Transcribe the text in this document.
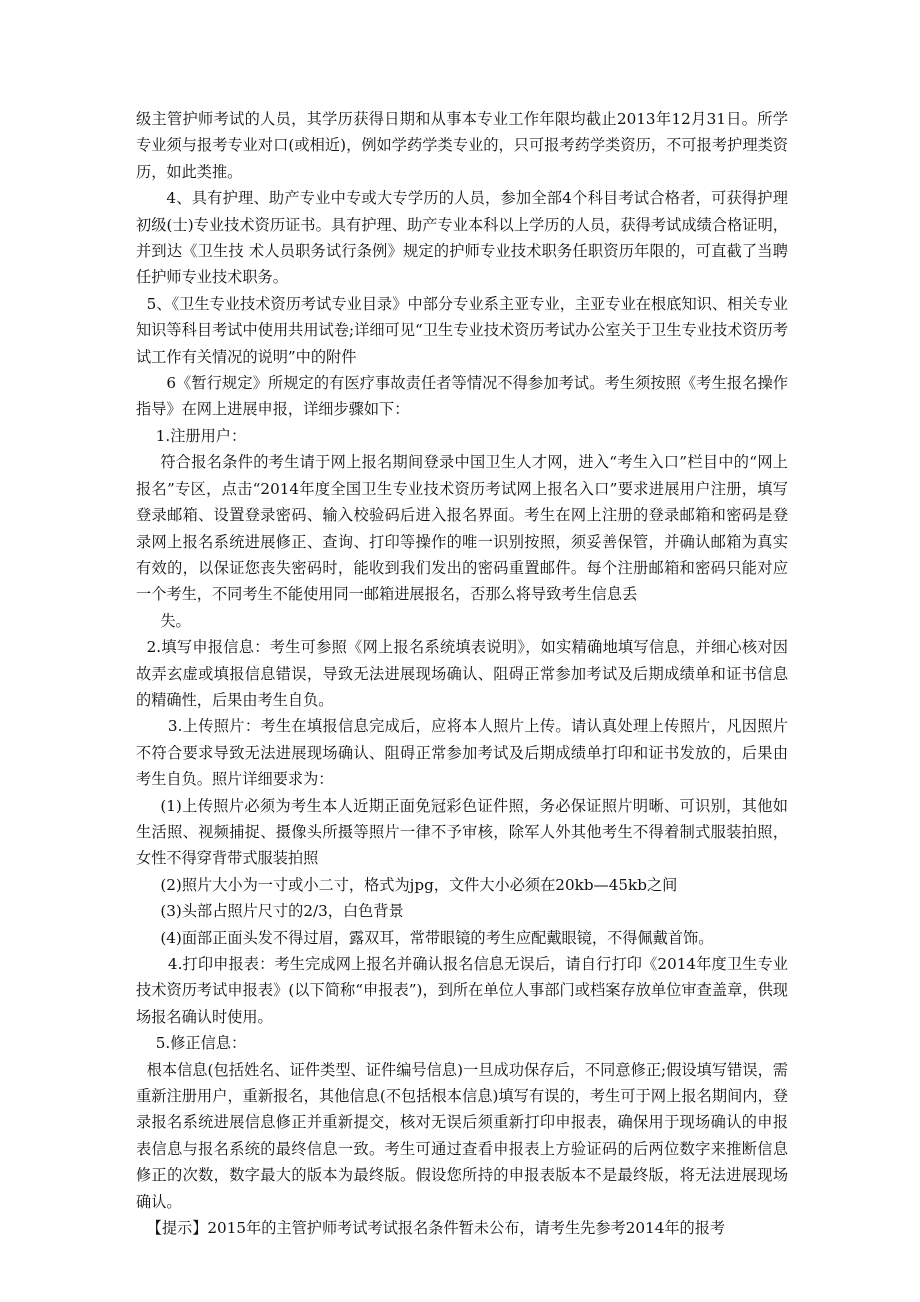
级主管护师考试的人员，其学历获得日期和从事本专业工作年限均截止2013年12月31日。所学专业须与报考专业对口(或相近)，例如学药学类专业的，只可报考药学类资历，不可报考护理类资历，如此类推。

4、具有护理、助产专业中专或大专学历的人员，参加全部4个科目考试合格者，可获得护理初级(士)专业技术资历证书。具有护理、助产专业本科以上学历的人员，获得考试成绩合格证明，并到达《卫生技 术人员职务试行条例》规定的护师专业技术职务任职资历年限的，可直截了当聘任护师专业技术职务。

5、《卫生专业技术资历考试专业目录》中部分专业系主亚专业，主亚专业在根底知识、相关专业知识等科目考试中使用共用试卷;详细可见“卫生专业技术资历考试办公室关于卫生专业技术资历考试工作有关情况的说明”中的附件

6《暂行规定》所规定的有医疗事故责任者等情况不得参加考试。考生须按照《考生报名操作指导》在网上进展申报，详细步骤如下：

1.注册用户：

符合报名条件的考生请于网上报名期间登录中国卫生人才网，进入“考生入口”栏目中的“网上报名”专区，点击“2014年度全国卫生专业技术资历考试网上报名入口”要求进展用户注册，填写登录邮箱、设置登录密码、输入校验码后进入报名界面。考生在网上注册的登录邮箱和密码是登录网上报名系统进展修正、查询、打印等操作的唯一识别按照，须妥善保管，并确认邮箱为真实有效的，以保证您丧失密码时，能收到我们发出的密码重置邮件。每个注册邮箱和密码只能对应一个考生，不同考生不能使用同一邮箱进展报名，否那么将导致考生信息丢

失。

2.填写申报信息：考生可参照《网上报名系统填表说明》，如实精确地填写信息，并细心核对因故弄玄虚或填报信息错误，导致无法进展现场确认、阻碍正常参加考试及后期成绩单和证书信息的精确性，后果由考生自负。

3.上传照片：考生在填报信息完成后，应将本人照片上传。请认真处理上传照片，凡因照片不符合要求导致无法进展现场确认、阻碍正常参加考试及后期成绩单打印和证书发放的，后果由考生自负。照片详细要求为：

(1)上传照片必须为考生本人近期正面免冠彩色证件照，务必保证照片明晰、可识别，其他如生活照、视频捕捉、摄像头所摄等照片一律不予审核，除军人外其他考生不得着制式服装拍照，女性不得穿背带式服装拍照

(2)照片大小为一寸或小二寸，格式为jpg，文件大小必须在20kb—45kb之间

(3)头部占照片尺寸的2/3，白色背景

(4)面部正面头发不得过眉，露双耳，常带眼镜的考生应配戴眼镜，不得佩戴首饰。

4.打印申报表：考生完成网上报名并确认报名信息无误后，请自行打印《2014年度卫生专业技术资历考试申报表》(以下简称“申报表”)，到所在单位人事部门或档案存放单位审查盖章，供现场报名确认时使用。

5.修正信息：

根本信息(包括姓名、证件类型、证件编号信息)一旦成功保存后，不同意修正;假设填写错误，需重新注册用户，重新报名，其他信息(不包括根本信息)填写有误的，考生可于网上报名期间内，登录报名系统进展信息修正并重新提交，核对无误后须重新打印申报表，确保用于现场确认的申报表信息与报名系统的最终信息一致。考生可通过查看申报表上方验证码的后两位数字来推断信息修正的次数，数字最大的版本为最终版。假设您所持的申报表版本不是最终版，将无法进展现场确认。

【提示】2015年的主管护师考试考试报名条件暂未公布，请考生先参考2014年的报考
